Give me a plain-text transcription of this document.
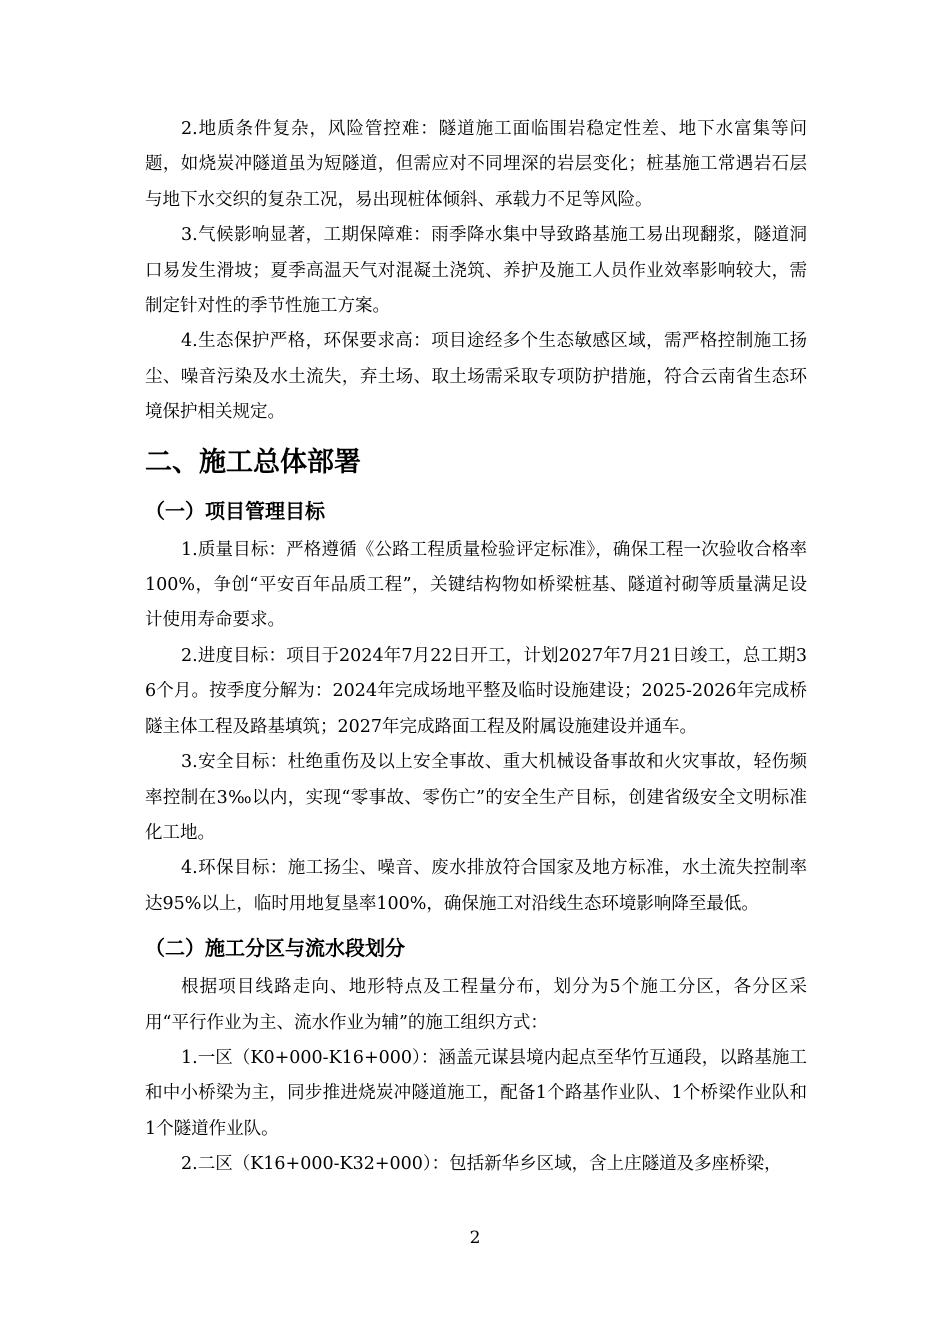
2.地质条件复杂，风险管控难：隧道施工面临围岩稳定性差、地下水富集等问题，如烧炭冲隧道虽为短隧道，但需应对不同埋深的岩层变化；桩基施工常遇岩石层与地下水交织的复杂工况，易出现桩体倾斜、承载力不足等风险。

3.气候影响显著，工期保障难：雨季降水集中导致路基施工易出现翻浆，隧道洞口易发生滑坡；夏季高温天气对混凝土浇筑、养护及施工人员作业效率影响较大，需制定针对性的季节性施工方案。

4.生态保护严格，环保要求高：项目途经多个生态敏感区域，需严格控制施工扬尘、噪音污染及水土流失，弃土场、取土场需采取专项防护措施，符合云南省生态环境保护相关规定。

二、施工总体部署
（一）项目管理目标

1.质量目标：严格遵循《公路工程质量检验评定标准》，确保工程一次验收合格率100%，争创“平安百年品质工程”，关键结构物如桥梁桩基、隧道衬砌等质量满足设计使用寿命要求。

2.进度目标：项目于2024年7月22日开工，计划2027年7月21日竣工，总工期36个月。按季度分解为：2024年完成场地平整及临时设施建设；2025-2026年完成桥隧主体工程及路基填筑；2027年完成路面工程及附属设施建设并通车。

3.安全目标：杜绝重伤及以上安全事故、重大机械设备事故和火灾事故，轻伤频率控制在3‰以内，实现“零事故、零伤亡”的安全生产目标，创建省级安全文明标准化工地。

4.环保目标：施工扬尘、噪音、废水排放符合国家及地方标准，水土流失控制率达95%以上，临时用地复垦率100%，确保施工对沿线生态环境影响降至最低。

（二）施工分区与流水段划分

根据项目线路走向、地形特点及工程量分布，划分为5个施工分区，各分区采用“平行作业为主、流水作业为辅”的施工组织方式：

1.一区（K0+000-K16+000）：涵盖元谋县境内起点至华竹互通段，以路基施工和中小桥梁为主，同步推进烧炭冲隧道施工，配备1个路基作业队、1个桥梁作业队和1个隧道作业队。

2.二区（K16+000-K32+000）：包括新华乡区域，含上庄隧道及多座桥梁，

2
